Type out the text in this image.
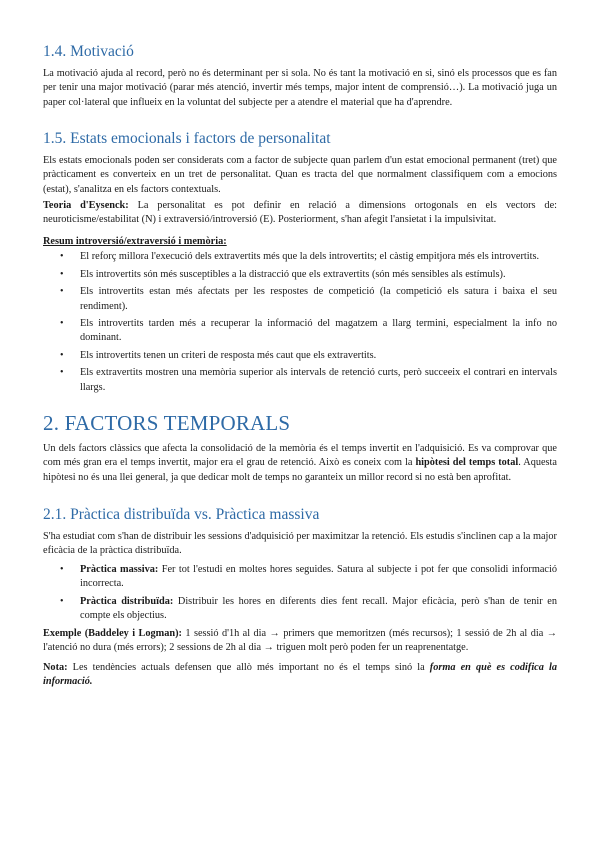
1.4. Motivació

La motivació ajuda al record, però no és determinant per si sola. No és tant la motivació en si, sinó els processos que es fan per tenir una major motivació (parar més atenció, invertir més temps, major intent de comprensió…). La motivació juga un paper col·lateral que influeix en la voluntat del subjecte per a atendre el material que ha d'aprendre.

1.5. Estats emocionals i factors de personalitat

Els estats emocionals poden ser considerats com a factor de subjecte quan parlem d'un estat emocional permanent (tret) que pràcticament es converteix en un tret de personalitat. Quan es tracta del que normalment classifiquem com a emocions (estat), s'analitza en els factors contextuals.

Teoria d'Eysenck: La personalitat es pot definir en relació a dimensions ortogonals en els vectors de: neuroticisme/estabilitat (N) i extraversió/introversió (E). Posteriorment, s'han afegit l'ansietat i la impulsivitat.

Resum introversió/extraversió i memòria:

• El reforç millora l'execució dels extravertits més que la dels introvertits; el càstig empitjora més els introvertits.
• Els introvertits són més susceptibles a la distracció que els extravertits (són més sensibles als estímuls).
• Els introvertits estan més afectats per les respostes de competició (la competició els satura i baixa el seu rendiment).
• Els introvertits tarden més a recuperar la informació del magatzem a llarg termini, especialment la info no dominant.
• Els introvertits tenen un criteri de resposta més caut que els extravertits.
• Els extravertits mostren una memòria superior als intervals de retenció curts, però succeeix el contrari en intervals llargs.
2. FACTORS TEMPORALS

Un dels factors clàssics que afecta la consolidació de la memòria és el temps invertit en l'adquisició. Es va comprovar que com més gran era el temps invertit, major era el grau de retenció. Això es coneix com la hipòtesi del temps total. Aquesta hipòtesi no és una llei general, ja que dedicar molt de temps no garanteix un millor record si no està ben aprofitat.

2.1. Pràctica distribuïda vs. Pràctica massiva

S'ha estudiat com s'han de distribuir les sessions d'adquisició per maximitzar la retenció. Els estudis s'inclinen cap a la major eficàcia de la pràctica distribuïda.

• Pràctica massiva: Fer tot l'estudi en moltes hores seguides. Satura al subjecte i pot fer que consolidi informació incorrecta.
• Pràctica distribuïda: Distribuir les hores en diferents dies fent recall. Major eficàcia, però s'han de tenir en compte els objectius.

Exemple (Baddeley i Logman): 1 sessió d'1h al dia → primers que memoritzen (més recursos); 1 sessió de 2h al dia → l'atenció no dura (més errors); 2 sessions de 2h al dia → triguen molt però poden fer un reaprenentatge.

Nota: Les tendències actuals defensen que allò més important no és el temps sinó la forma en què es codifica la informació.
